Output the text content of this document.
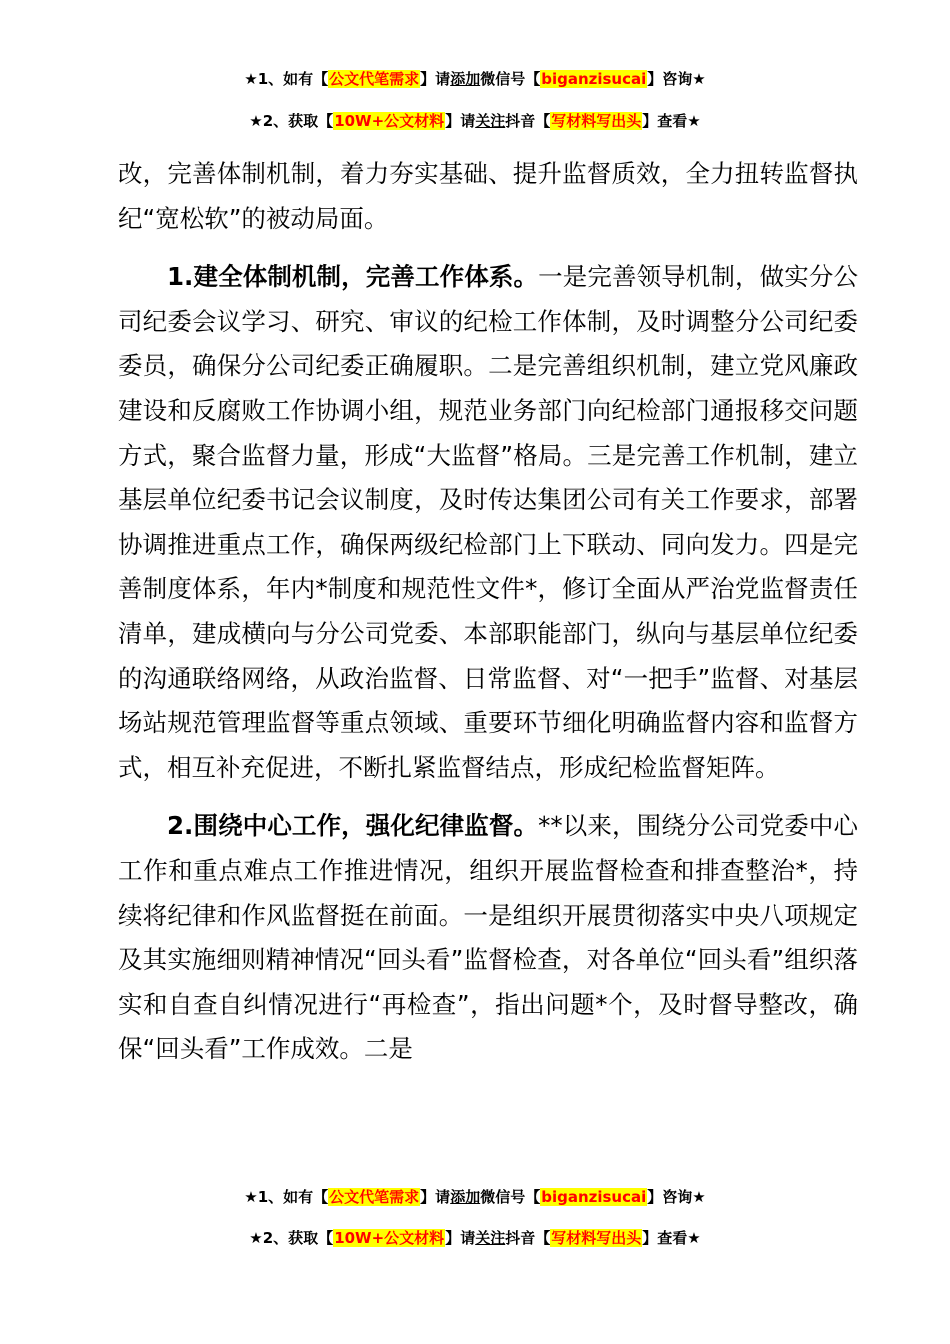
★1、如有【公文代笔需求】请添加微信号【biganzisucai】咨询★
★2、获取【10W+公文材料】请关注抖音【写材料写出头】查看★

改，完善体制机制，着力夯实基础、提升监督质效，全力扭转监督执纪“宽松软”的被动局面。

1.建全体制机制，完善工作体系。一是完善领导机制，做实分公司纪委会议学习、研究、审议的纪检工作体制，及时调整分公司纪委委员，确保分公司纪委正确履职。二是完善组织机制，建立党风廉政建设和反腐败工作协调小组，规范业务部门向纪检部门通报移交问题方式，聚合监督力量，形成“大监督”格局。三是完善工作机制，建立基层单位纪委书记会议制度，及时传达集团公司有关工作要求，部署协调推进重点工作，确保两级纪检部门上下联动、同向发力。四是完善制度体系，年内*制度和规范性文件*，修订全面从严治党监督责任清单，建成横向与分公司党委、本部职能部门，纵向与基层单位纪委的沟通联络网络，从政治监督、日常监督、对“一把手”监督、对基层场站规范管理监督等重点领域、重要环节细化明确监督内容和监督方式，相互补充促进，不断扎紧监督结点，形成纪检监督矩阵。

2.围绕中心工作，强化纪律监督。**以来，围绕分公司党委中心工作和重点难点工作推进情况，组织开展监督检查和排查整治*，持续将纪律和作风监督挺在前面。一是组织开展贯彻落实中央八项规定及其实施细则精神情况“回头看”监督检查，对各单位“回头看”组织落实和自查自纠情况进行“再检查”，指出问题*个，及时督导整改，确保“回头看”工作成效。二是

★1、如有【公文代笔需求】请添加微信号【biganzisucai】咨询★
★2、获取【10W+公文材料】请关注抖音【写材料写出头】查看★
